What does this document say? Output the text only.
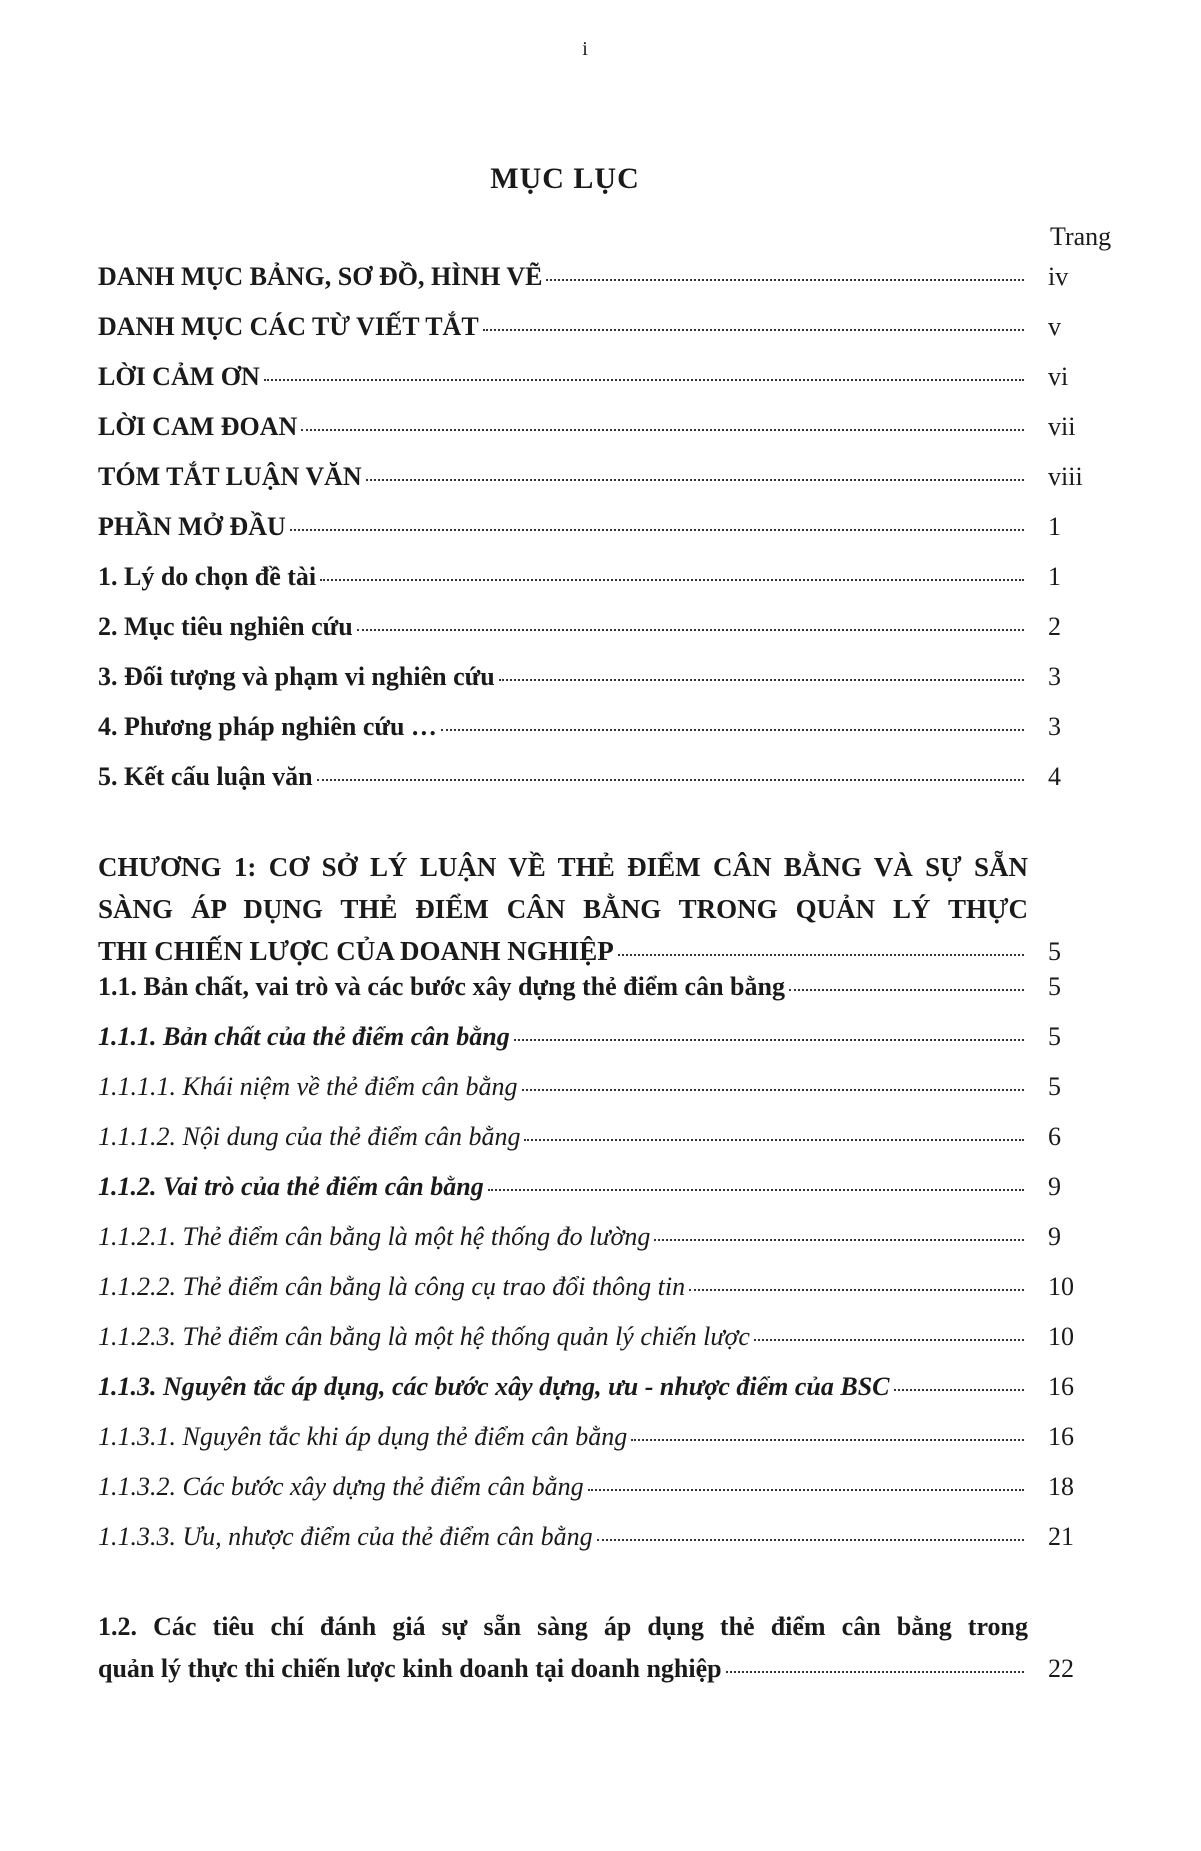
i
MỤC LỤC
Trang
DANH MỤC BẢNG, SƠ ĐỒ, HÌNH VẼ	iv
DANH MỤC CÁC TỪ VIẾT TẮT	v
LỜI CẢM ƠN	vi
LỜI CAM ĐOAN	vii
TÓM TẮT LUẬN VĂN	viii
PHẦN MỞ ĐẦU	1
1. Lý do chọn đề tài	1
2. Mục tiêu nghiên cứu	2
3. Đối tượng và phạm vi nghiên cứu	3
4. Phương pháp nghiên cứu …	3
5. Kết cấu luận văn	4
CHƯƠNG 1: CƠ SỞ LÝ LUẬN VỀ THẺ ĐIỂM CÂN BẰNG VÀ SỰ SẴN
SÀNG ÁP DỤNG THẺ ĐIỂM CÂN BẰNG TRONG QUẢN LÝ THỰC
THI CHIẾN LƯỢC CỦA DOANH NGHIỆP	5
1.1. Bản chất, vai trò và các bước xây dựng thẻ điểm cân bằng	5
1.1.1. Bản chất của thẻ điểm cân bằng	5
1.1.1.1. Khái niệm về thẻ điểm cân bằng	5
1.1.1.2. Nội dung của thẻ điểm cân bằng	6
1.1.2. Vai trò của thẻ điểm cân bằng	9
1.1.2.1. Thẻ điểm cân bằng là một hệ thống đo lường	9
1.1.2.2. Thẻ điểm cân bằng là công cụ trao đổi thông tin	10
1.1.2.3. Thẻ điểm cân bằng là một hệ thống quản lý chiến lược	10
1.1.3. Nguyên tắc áp dụng, các bước xây dựng, ưu - nhược điểm của BSC	16
1.1.3.1. Nguyên tắc khi áp dụng thẻ điểm cân bằng	16
1.1.3.2. Các bước xây dựng thẻ điểm cân bằng	18
1.1.3.3. Ưu, nhược điểm của thẻ điểm cân bằng	21
1.2. Các tiêu chí đánh giá sự sẵn sàng áp dụng thẻ điểm cân bằng trong
quản lý thực thi chiến lược kinh doanh tại doanh nghiệp	22
